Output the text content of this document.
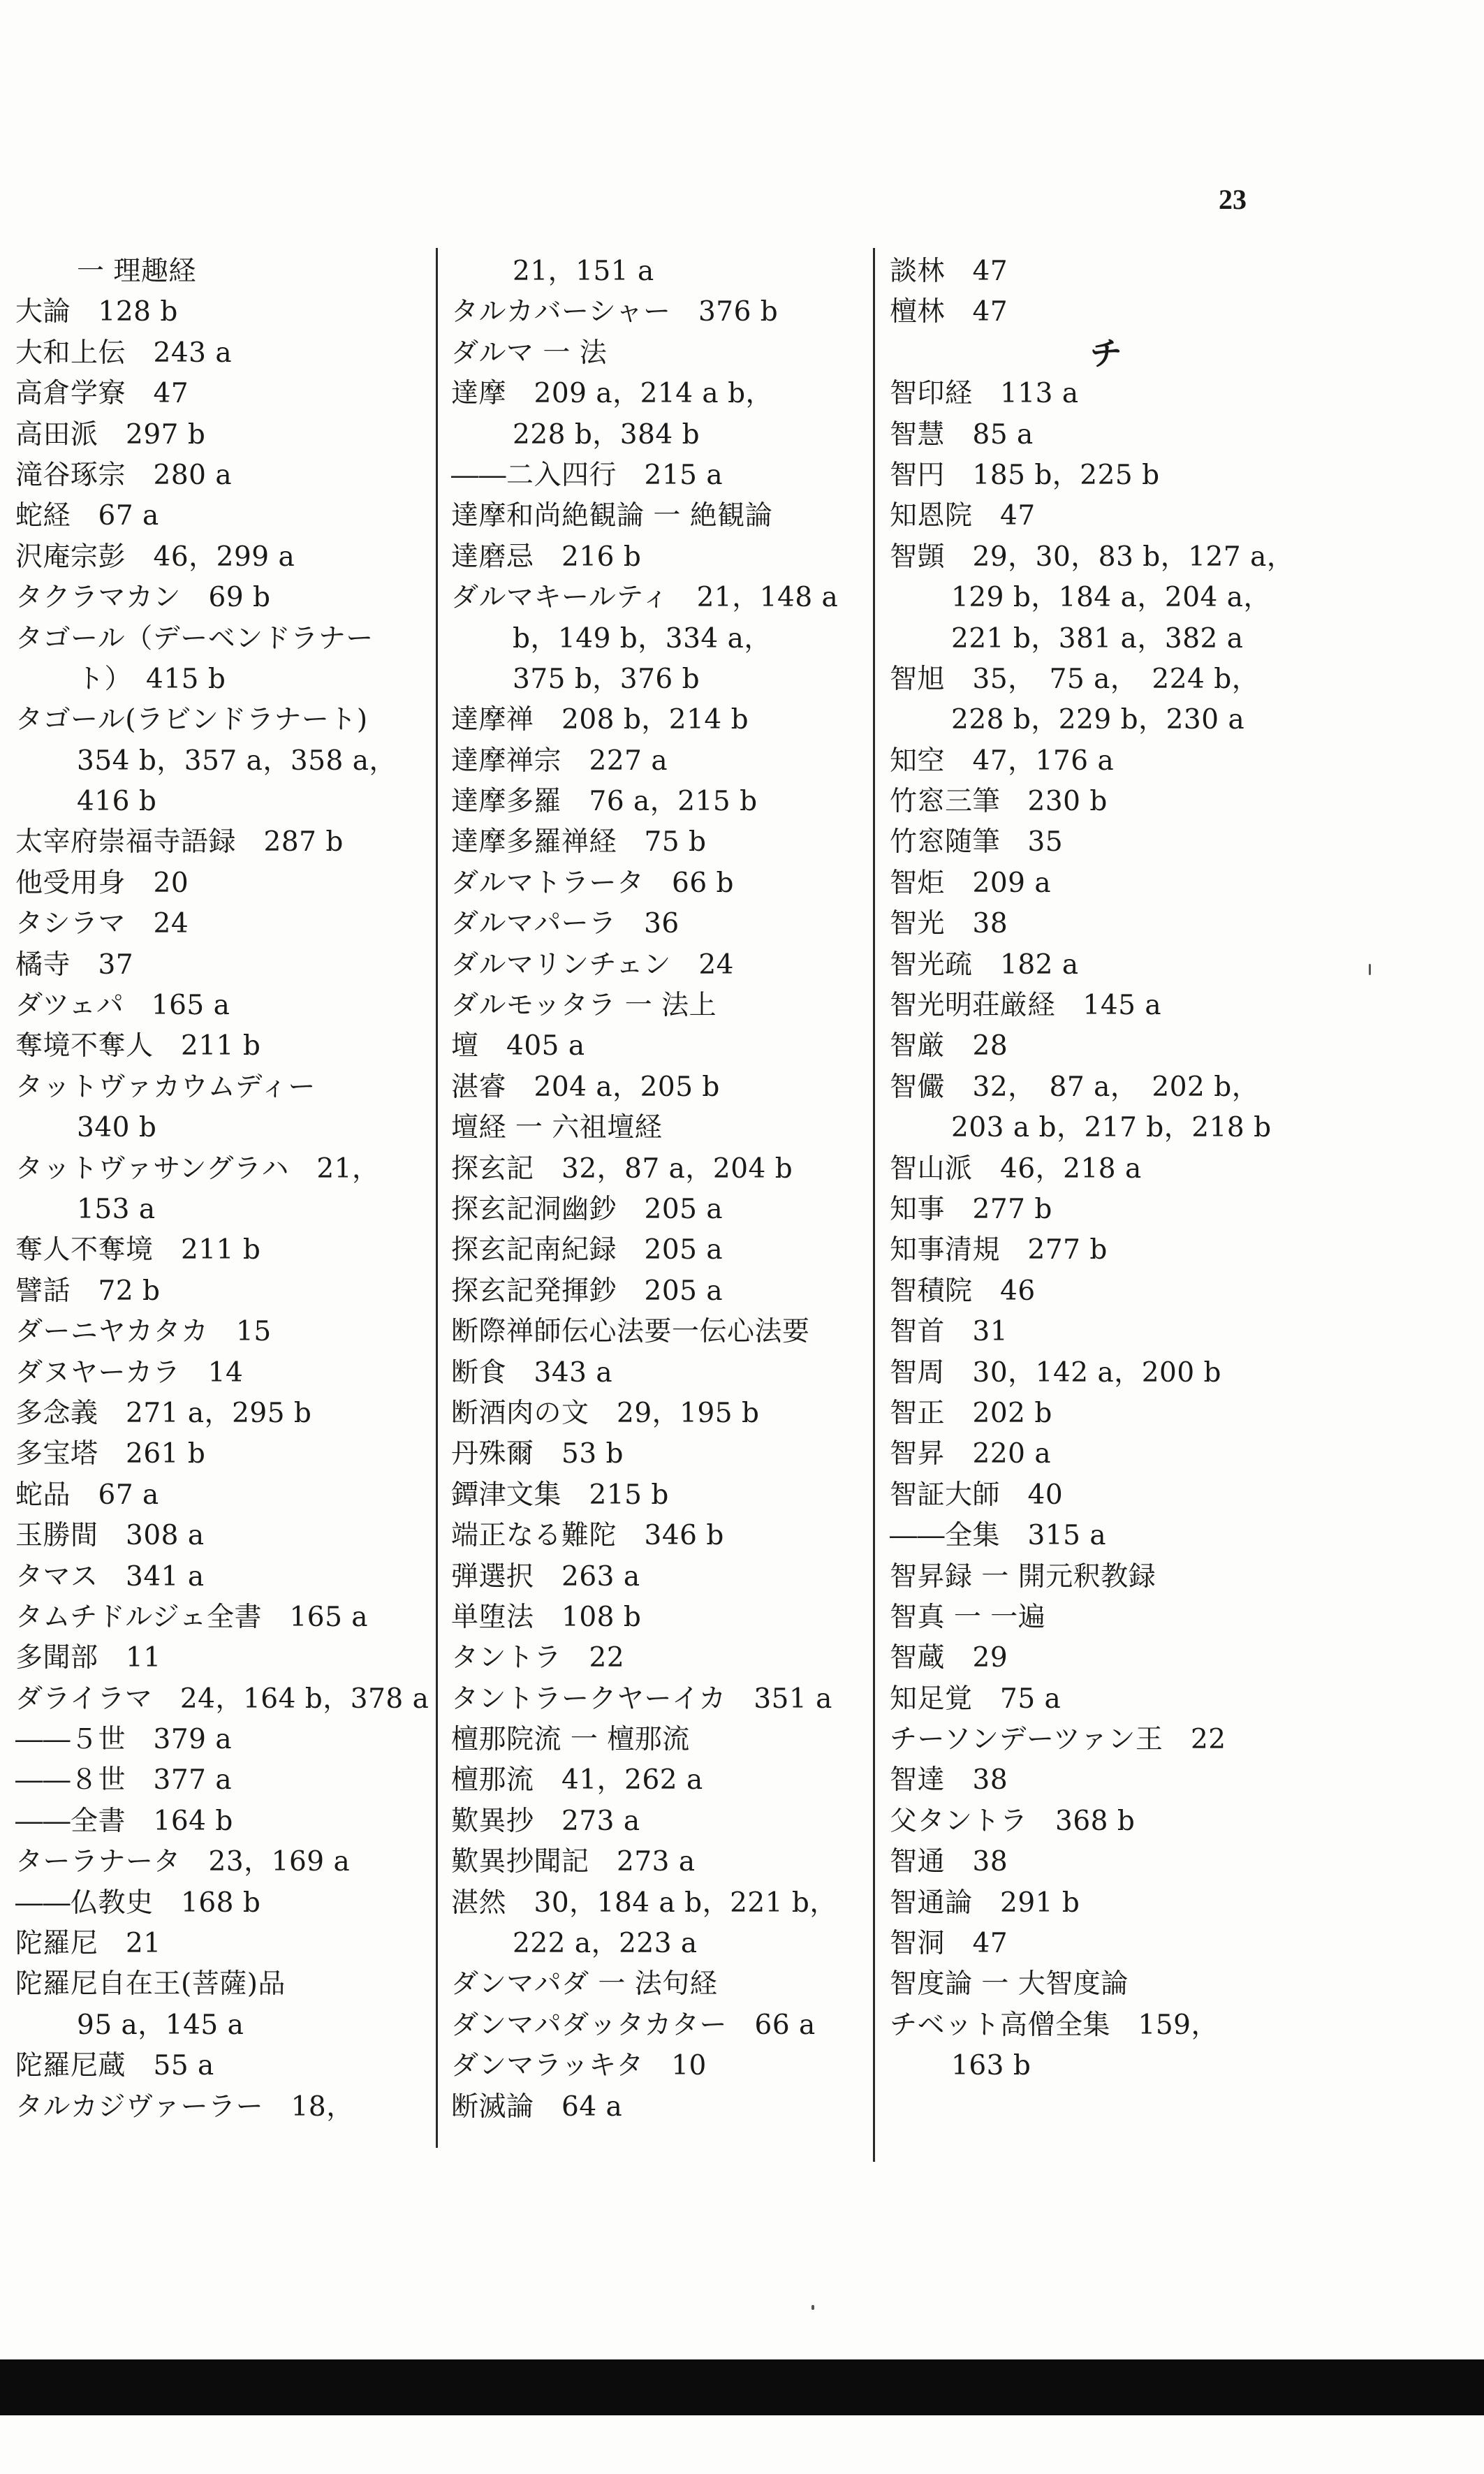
23
一 理趣経
大論　128 b
大和上伝　243 a
高倉学寮　47
高田派　297 b
滝谷琢宗　280 a
蛇経　67 a
沢庵宗彭　46，299 a
タクラマカン　69 b
タゴール（デーベンドラナー
ト）　415 b
タゴール(ラビンドラナート)
354 b，357 a，358 a，
416 b
太宰府崇福寺語録　287 b
他受用身　20
タシラマ　24
橘寺　37
ダツェパ　165 a
奪境不奪人　211 b
タットヴァカウムディー
340 b
タットヴァサングラハ　21，
153 a
奪人不奪境　211 b
譬話　72 b
ダーニヤカタカ　15
ダヌヤーカラ　14
多念義　271 a，295 b
多宝塔　261 b
蛇品　67 a
玉勝間　308 a
タマス　341 a
タムチドルジェ全書　165 a
多聞部　11
ダライラマ　24，164 b，378 a
――５世　379 a
――８世　377 a
――全書　164 b
ターラナータ　23，169 a
――仏教史　168 b
陀羅尼　21
陀羅尼自在王(菩薩)品
95 a，145 a
陀羅尼蔵　55 a
タルカジヴァーラー　18，
21，151 a
タルカバーシャー　376 b
ダルマ 一 法
達摩　209 a，214 a b，
228 b，384 b
――二入四行　215 a
達摩和尚絶観論 一 絶観論
達磨忌　216 b
ダルマキールティ　21，148 a
b，149 b，334 a，
375 b，376 b
達摩禅　208 b，214 b
達摩禅宗　227 a
達摩多羅　76 a，215 b
達摩多羅禅経　75 b
ダルマトラータ　66 b
ダルマパーラ　36
ダルマリンチェン　24
ダルモッタラ 一 法上
壇　405 a
湛睿　204 a，205 b
壇経 一 六祖壇経
探玄記　32，87 a，204 b
探玄記洞幽鈔　205 a
探玄記南紀録　205 a
探玄記発揮鈔　205 a
断際禅師伝心法要一伝心法要
断食　343 a
断酒肉の文　29，195 b
丹殊爾　53 b
鐔津文集　215 b
端正なる難陀　346 b
弾選択　263 a
単堕法　108 b
タントラ　22
タントラークヤーイカ　351 a
檀那院流 一 檀那流
檀那流　41，262 a
歎異抄　273 a
歎異抄聞記　273 a
湛然　30，184 a b，221 b，
222 a，223 a
ダンマパダ 一 法句経
ダンマパダッタカター　66 a
ダンマラッキタ　10
断滅論　64 a
談林　47
檀林　47
チ
智印経　113 a
智慧　85 a
智円　185 b，225 b
知恩院　47
智顗　29，30，83 b，127 a，
129 b，184 a，204 a，
221 b，381 a，382 a
智旭　35，　75 a，　224 b，
228 b，229 b，230 a
知空　47，176 a
竹窓三筆　230 b
竹窓随筆　35
智炬　209 a
智光　38
智光疏　182 a
智光明荘厳経　145 a
智厳　28
智儼　32，　87 a，　202 b，
203 a b，217 b，218 b
智山派　46，218 a
知事　277 b
知事清規　277 b
智積院　46
智首　31
智周　30，142 a，200 b
智正　202 b
智昇　220 a
智証大師　40
――全集　315 a
智昇録 一 開元釈教録
智真 一 一遍
智蔵　29
知足覚　75 a
チーソンデーツァン王　22
智達　38
父タントラ　368 b
智通　38
智通論　291 b
智洞　47
智度論 一 大智度論
チベット高僧全集　159，
163 b
